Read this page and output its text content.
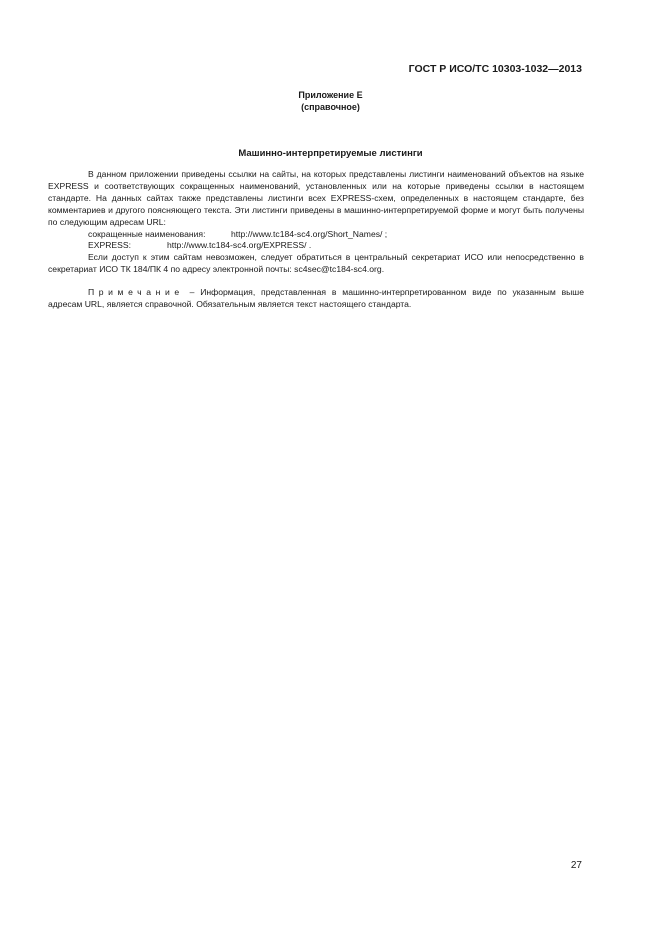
ГОСТ Р ИСО/ТС 10303-1032—2013
Приложение Е
(справочное)
Машинно-интерпретируемые листинги

В данном приложении приведены ссылки на сайты, на которых представлены листинги наименований объектов на языке EXPRESS и соответствующих сокращенных наименований, установленных или на которые приведены ссылки в настоящем стандарте. На данных сайтах также представлены листинги всех EXPRESS-схем, определенных в настоящем стандарте, без комментариев и другого поясняющего текста. Эти листинги приведены в машинно-интерпретируемой форме и могут быть получены по следующим адресам URL:

сокращенные наименования:	http://www.tc184-sc4.org/Short_Names/ ;
EXPRESS:	http://www.tc184-sc4.org/EXPRESS/ .

Если доступ к этим сайтам невозможен, следует обратиться в центральный секретариат ИСО или непосредственно в секретариат ИСО ТК 184/ПК 4 по адресу электронной почты: sc4sec@tc184-sc4.org.

Примечание – Информация, представленная в машинно-интерпретированном виде по указанным выше адресам URL, является справочной. Обязательным является текст настоящего стандарта.
27
